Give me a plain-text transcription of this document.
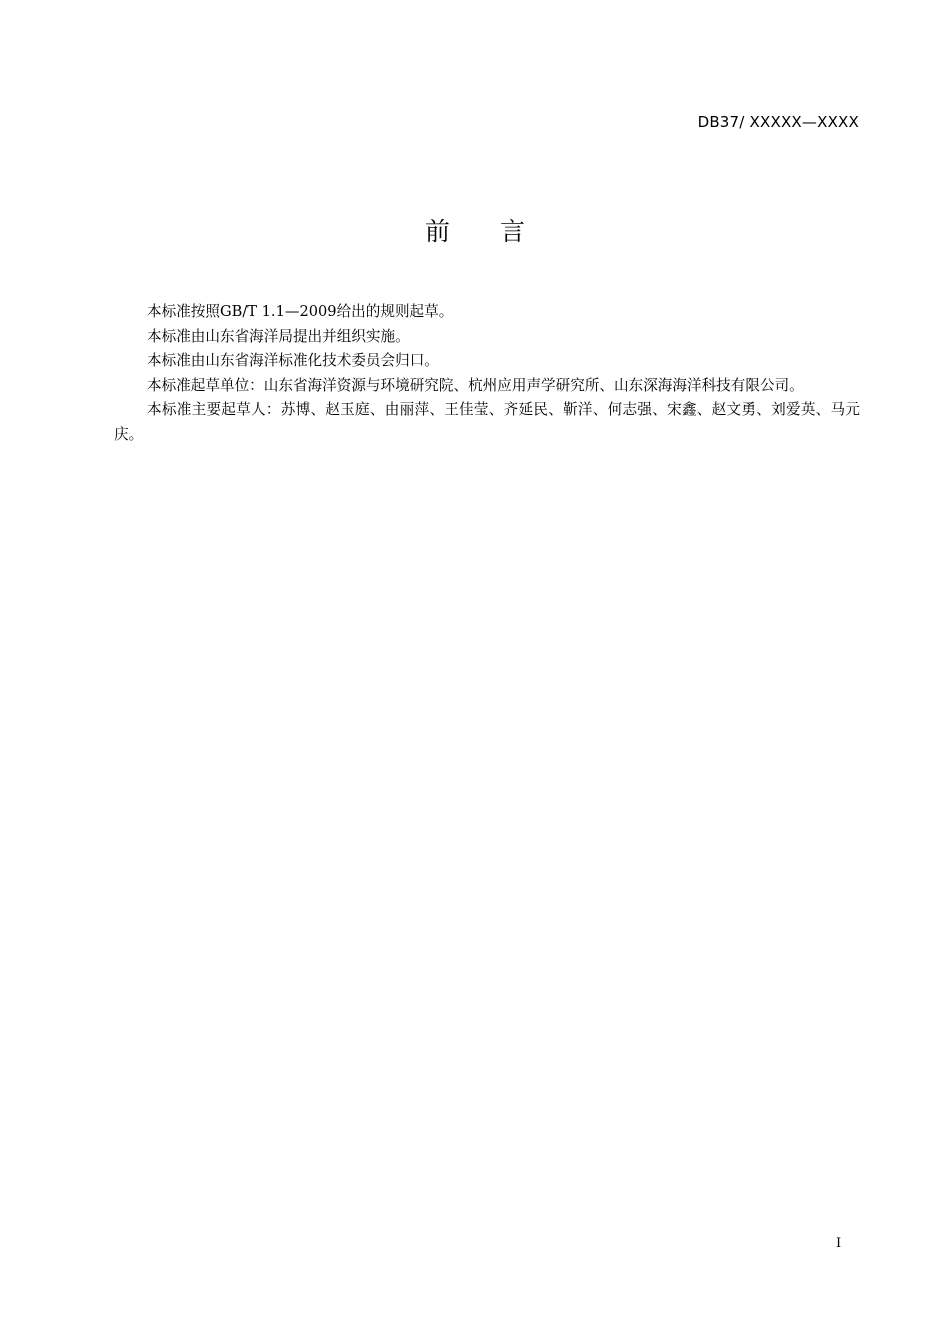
DB37/ XXXXX—XXXX
前 言

本标准按照GB/T 1.1—2009给出的规则起草。

本标准由山东省海洋局提出并组织实施。

本标准由山东省海洋标准化技术委员会归口。

本标准起草单位：山东省海洋资源与环境研究院、杭州应用声学研究所、山东深海海洋科技有限公司。

本标准主要起草人：苏博、赵玉庭、由丽萍、王佳莹、齐延民、靳洋、何志强、宋鑫、赵文勇、刘爱英、马元庆。

I
